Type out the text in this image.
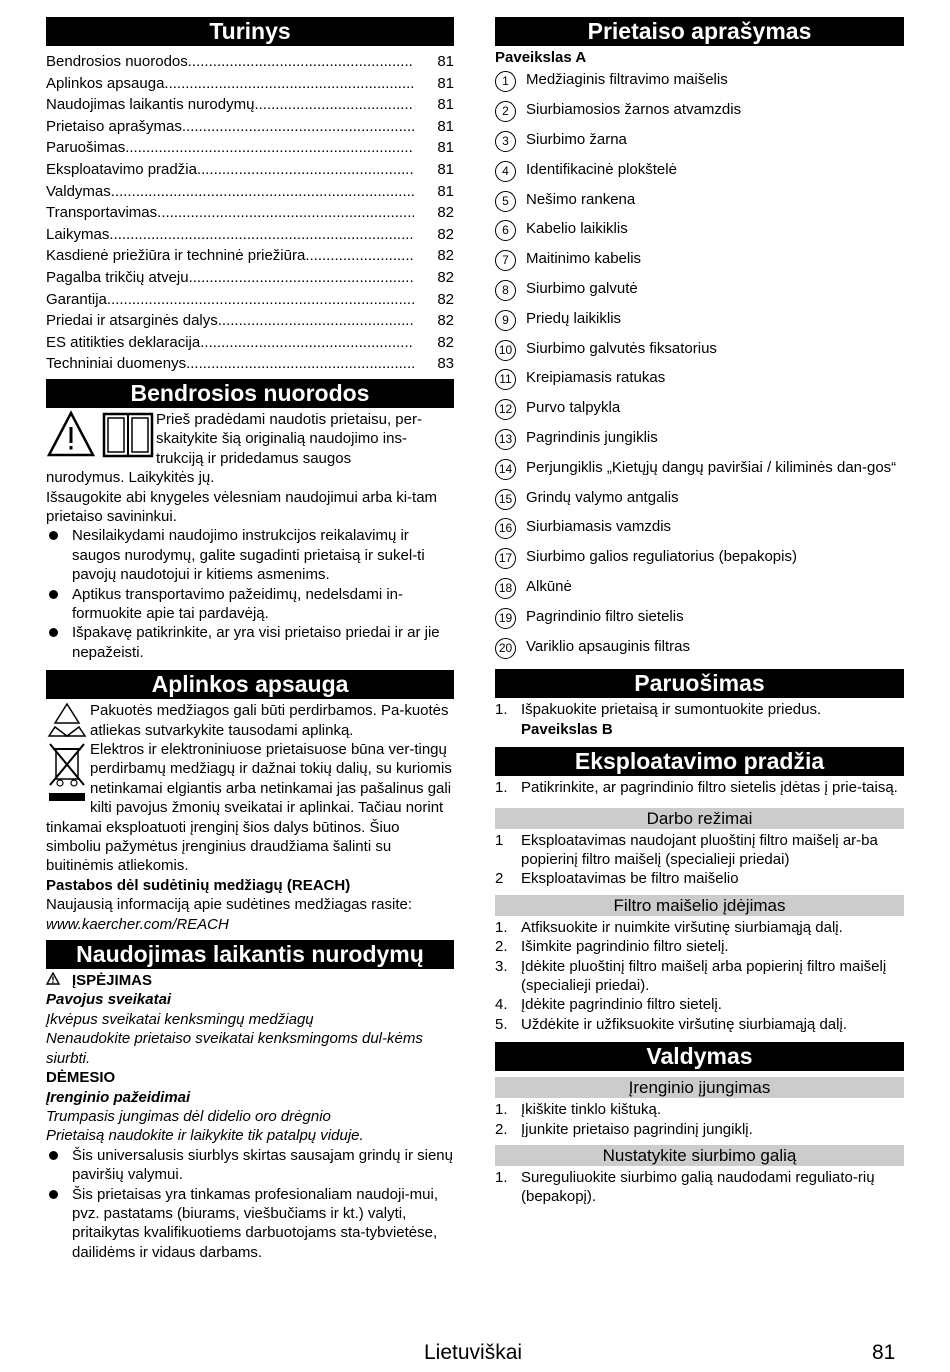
Turinys
Bendrosios nuorodos .....	81
Aplinkos apsauga .....	81
Naudojimas laikantis nurodymų .....	81
Prietaiso aprašymas .....	81
Paruošimas .....	81
Eksploatavimo pradžia .....	81
Valdymas .....	81
Transportavimas .....	82
Laikymas .....	82
Kasdienė priežiūra ir techninė priežiūra .....	82
Pagalba trikčių atveju .....	82
Garantija .....	82
Priedai ir atsarginės dalys .....	82
ES atitikties deklaracija .....	82
Techniniai duomenys .....	83
Bendrosios nuorodos

Prieš pradėdami naudotis prietaisu, per-

skaitykite šią originalią naudojimo ins-

trukciją ir pridedamus saugos

nurodymus. Laikykitės jų.

Išsaugokite abi knygeles vėlesniam naudojimui arba ki-tam prietaiso savininkui.

Nesilaikydami naudojimo instrukcijos reikalavimų ir saugos nurodymų, galite sugadinti prietaisą ir sukel-ti pavojų naudotojui ir kitiems asmenims.
Aptikus transportavimo pažeidimų, nedelsdami in-formuokite apie tai pardavėją.
Išpakavę patikrinkite, ar yra visi prietaiso priedai ir ar jie nepažeisti.
Aplinkos apsauga

Pakuotės medžiagos gali būti perdirbamos. Pa-kuotės atliekas sutvarkykite tausodami aplinką.

Elektros ir elektroniniuose prietaisuose būna ver-tingų perdirbamų medžiagų ir dažnai tokių dalių, su kuriomis netinkamai elgiantis arba netinkamai jas pašalinus gali kilti pavojus žmonių sveikatai ir aplinkai. Tačiau norint tinkamai eksploatuoti įrenginį šios dalys būtinos. Šiuo simboliu pažymėtus įrenginius draudžiama šalinti su buitinėmis atliekomis.

Pastabos dėl sudėtinių medžiagų (REACH)

Naujausią informaciją apie sudėtines medžiagas rasite:

www.kaercher.com/REACH

Naudojimas laikantis nurodymų

ĮSPĖJIMAS

Pavojus sveikatai

Įkvėpus sveikatai kenksmingų medžiagų

Nenaudokite prietaiso sveikatai kenksmingoms dul-kėms siurbti.

DĖMESIO

Įrenginio pažeidimai

Trumpasis jungimas dėl didelio oro drėgnio

Prietaisą naudokite ir laikykite tik patalpų viduje.

Šis universalusis siurblys skirtas sausajam grindų ir sienų paviršių valymui.
Šis prietaisas yra tinkamas profesionaliam naudoji-mui, pvz. pastatams (biurams, viešbučiams ir kt.) valyti, pritaikytas kvalifikuotiems darbuotojams sta-tybvietėse, dailidėms ir vidaus darbams.
Prietaiso aprašymas

Paveikslas A

1	Medžiaginis filtravimo maišelis
2	Siurbiamosios žarnos atvamzdis
3	Siurbimo žarna
4	Identifikacinė plokštelė
5	Nešimo rankena
6	Kabelio laikiklis
7	Maitinimo kabelis
8	Siurbimo galvutė
9	Priedų laikiklis
10 Siurbimo galvutės fiksatorius
11 Kreipiamasis ratukas
12 Purvo talpykla
13 Pagrindinis jungiklis
14 Perjungiklis „Kietųjų dangų paviršiai / kiliminės dan-gos“
15 Grindų valymo antgalis
16 Siurbiamasis vamzdis
17 Siurbimo galios reguliatorius (bepakopis)
18 Alkūnė
19 Pagrindinio filtro sietelis
20 Variklio apsauginis filtras
Paruošimas
1. Išpakuokite prietaisą ir sumontuokite priedus.
Paveikslas B
Eksploatavimo pradžia
1. Patikrinkite, ar pagrindinio filtro sietelis įdėtas į prie-taisą.
Darbo režimai
1	Eksploatavimas naudojant pluoštinį filtro maišelį ar-ba popierinį filtro maišelį (specialieji priedai)
2	Eksploatavimas be filtro maišelio
Filtro maišelio įdėjimas
1. Atfiksuokite ir nuimkite viršutinę siurbiamąją dalį.
2. Išimkite pagrindinio filtro sietelį.
3. Įdėkite pluoštinį filtro maišelį arba popierinį filtro maišelį (specialieji priedai).
4. Įdėkite pagrindinio filtro sietelį.
5. Uždėkite ir užfiksuokite viršutinę siurbiamąją dalį.
Valdymas
Įrenginio įjungimas
1. Įkiškite tinklo kištuką.
2. Įjunkite prietaiso pagrindinį jungiklį.
Nustatykite siurbimo galią
1. Sureguliuokite siurbimo galią naudodami reguliato-rių (bepakopį).
Lietuviškai	81
